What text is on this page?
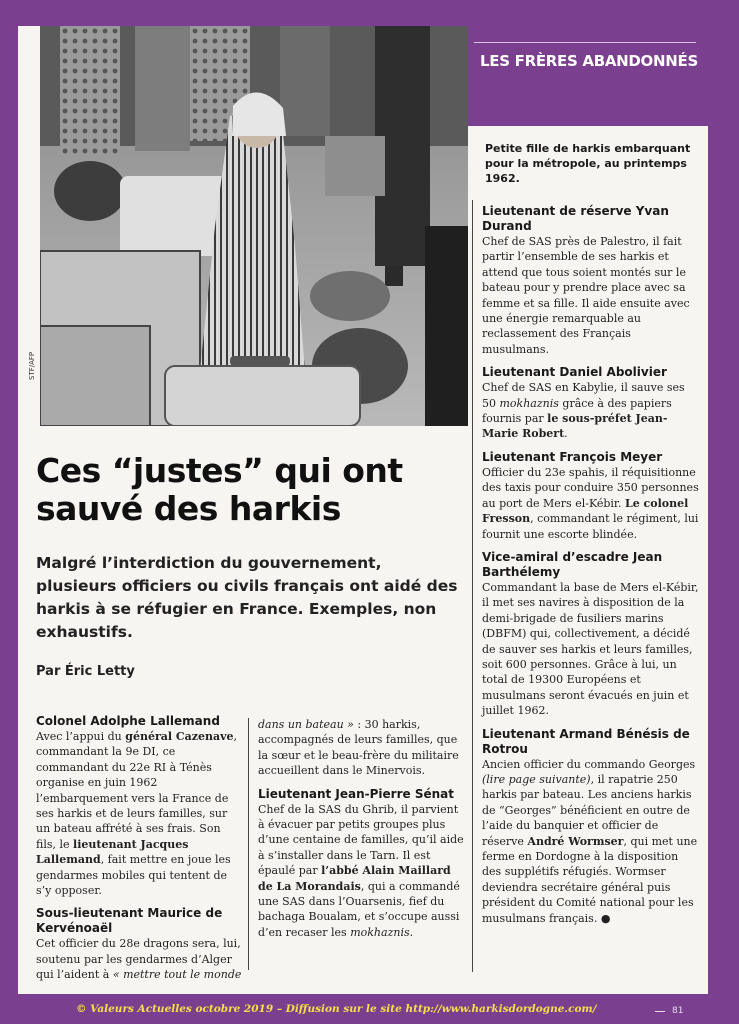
STF/AFP
LES FRÈRES ABANDONNÉS
Petite fille de harkis embarquant pour la métropole, au printemps 1962.
Ces “justes” qui ont sauvé des harkis
Malgré l’interdiction du gouvernement, plusieurs officiers ou civils français ont aidé des harkis à se réfugier en France. Exemples, non exhaustifs.
Par Éric Letty
Colonel Adolphe Lallemand
Avec l’appui du général Cazenave, commandant la 9e DI, ce commandant du 22e RI à Ténès organise en juin 1962 l’embarquement vers la France de ses harkis et de leurs familles, sur un bateau affrété à ses frais. Son fils, le lieutenant Jacques Lallemand, fait mettre en joue les gendarmes mobiles qui tentent de s’y opposer.
Sous-lieutenant Maurice de Kervénoaël
Cet officier du 28e dragons sera, lui, soutenu par les gendarmes d’Alger qui l’aident à « mettre tout le monde
dans un bateau » : 30 harkis, accompagnés de leurs familles, que la sœur et le beau-frère du militaire accueillent dans le Minervois.
Lieutenant Jean-Pierre Sénat
Chef de la SAS du Ghrib, il parvient à évacuer par petits groupes plus d’une centaine de familles, qu’il aide à s’installer dans le Tarn. Il est épaulé par l’abbé Alain Maillard de La Morandais, qui a commandé une SAS dans l’Ouarsenis, fief du bachaga Boualam, et s’occupe aussi d’en recaser les mokhaznis.
Lieutenant de réserve Yvan Durand
Chef de SAS près de Palestro, il fait partir l’ensemble de ses harkis et attend que tous soient montés sur le bateau pour y prendre place avec sa femme et sa fille. Il aide ensuite avec une énergie remarquable au reclassement des Français musulmans.
Lieutenant Daniel Abolivier
Chef de SAS en Kabylie, il sauve ses 50 mokhaznis grâce à des papiers fournis par le sous-préfet Jean-Marie Robert.
Lieutenant François Meyer
Officier du 23e spahis, il réquisitionne des taxis pour conduire 350 personnes au port de Mers el-Kébir. Le colonel Fresson, commandant le régiment, lui fournit une escorte blindée.
Vice-amiral d’escadre Jean Barthélemy
Commandant la base de Mers el-Kébir, il met ses navires à disposition de la demi-brigade de fusiliers marins (DBFM) qui, collectivement, a décidé de sauver ses harkis et leurs familles, soit 600 personnes. Grâce à lui, un total de 19300 Européens et musulmans seront évacués en juin et juillet 1962.
Lieutenant Armand Bénésis de Rotrou
Ancien officier du commando Georges (lire page suivante), il rapatrie 250 harkis par bateau. Les anciens harkis de “Georges” bénéficient en outre de l’aide du banquier et officier de réserve André Wormser, qui met une ferme en Dordogne à la disposition des supplétifs réfugiés. Wormser deviendra secrétaire général puis président du Comité national pour les musulmans français. ●
© Valeurs Actuelles octobre 2019 – Diffusion sur le site http://www.harkisdordogne.com/	81
